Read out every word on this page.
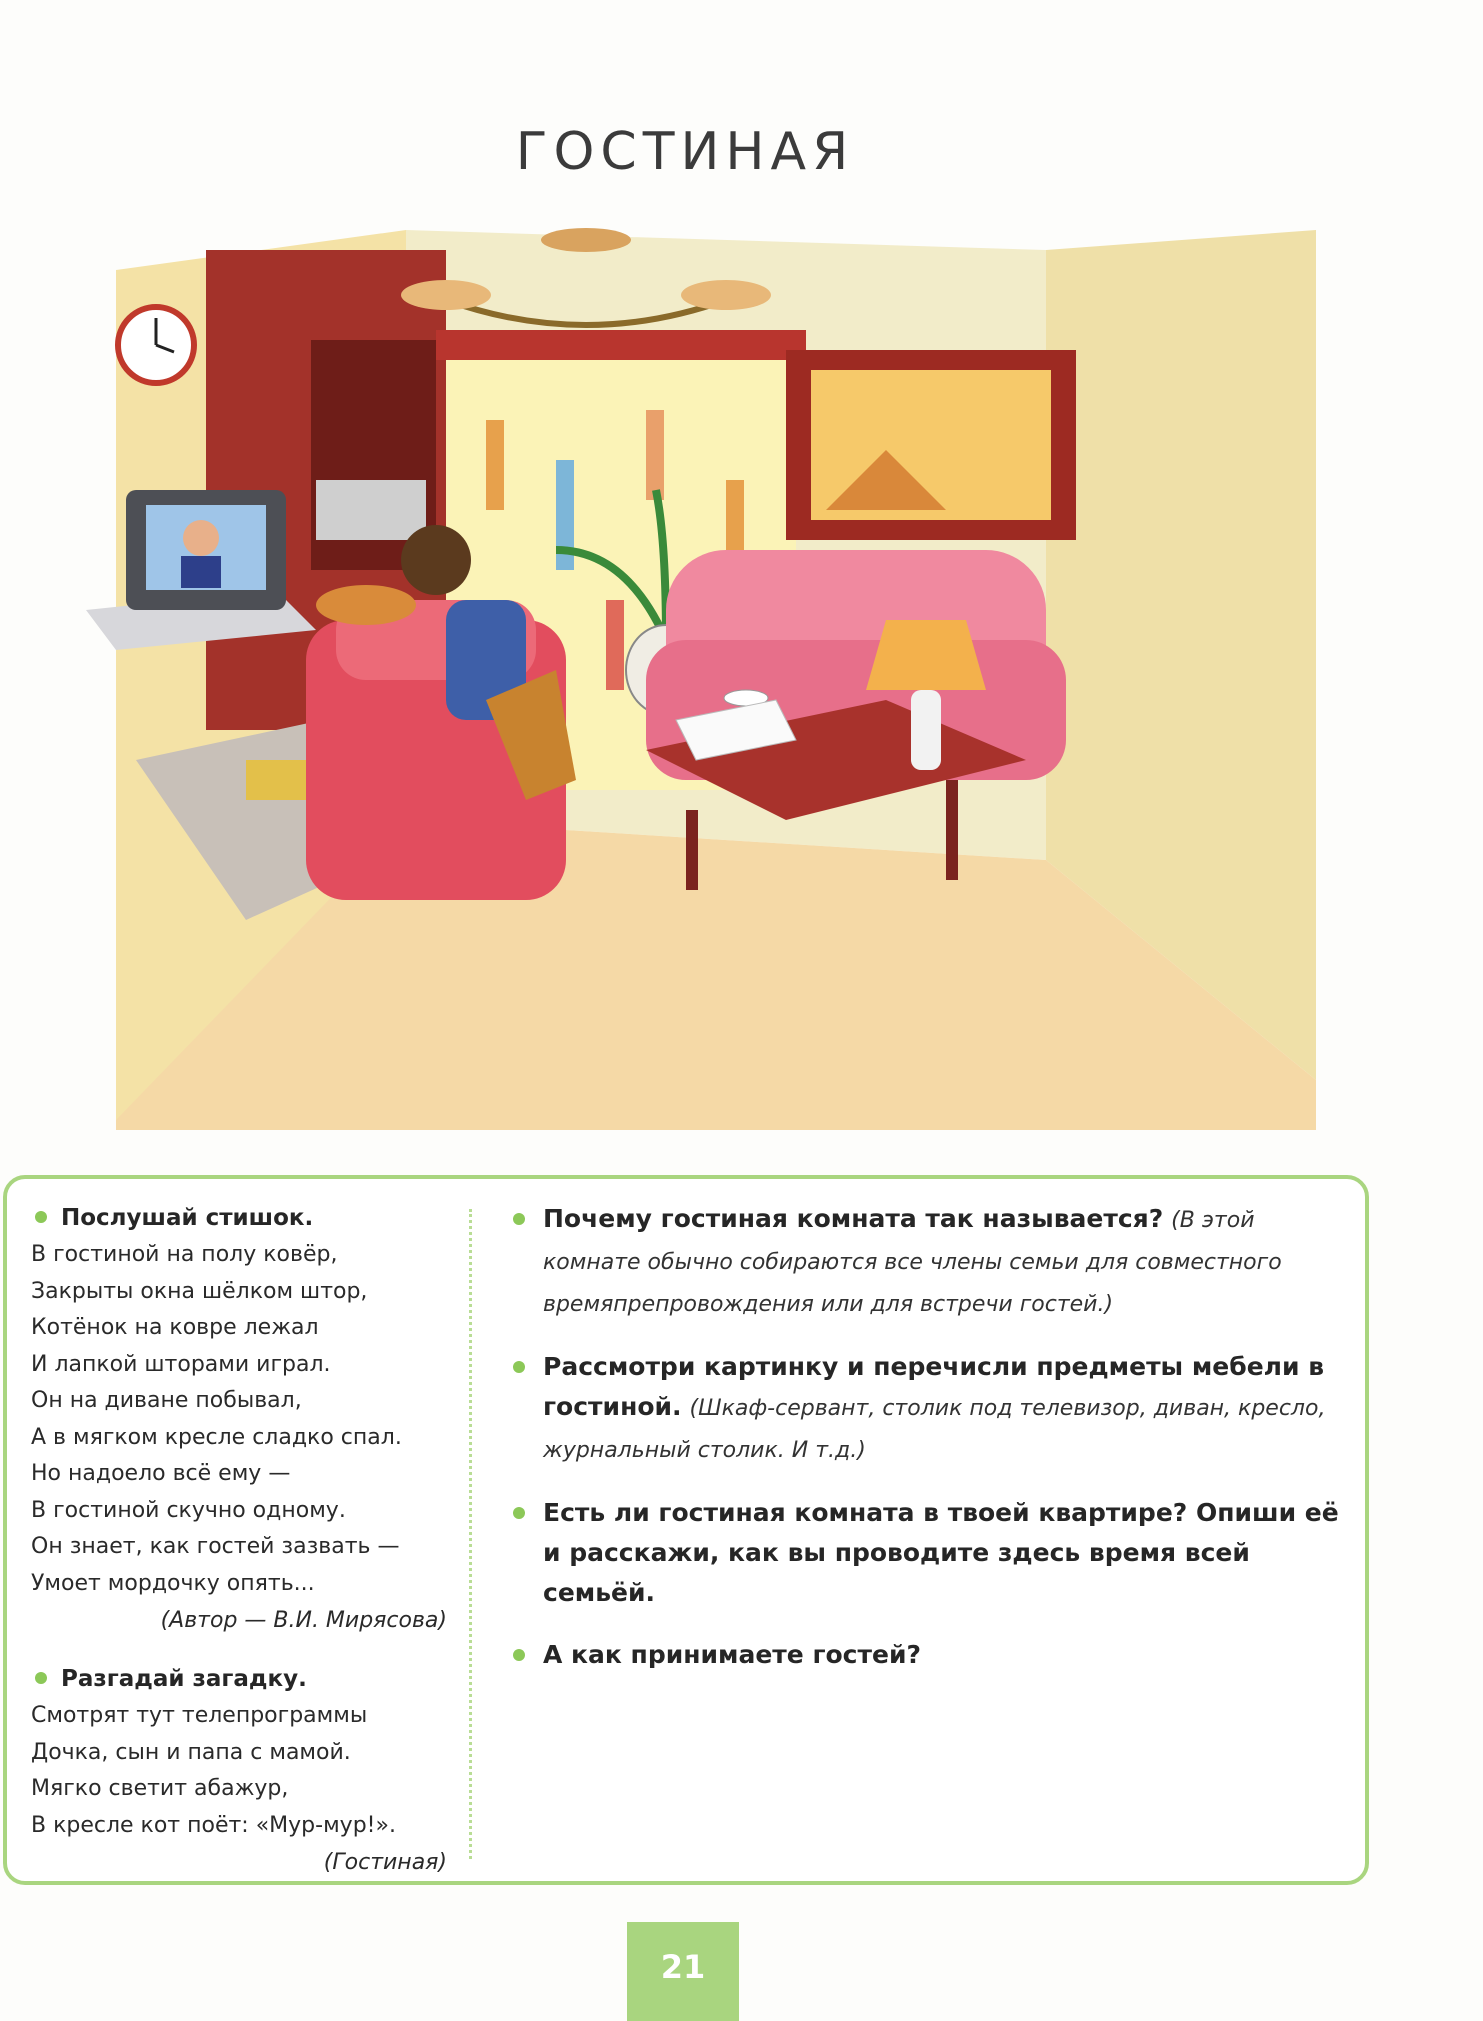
ГОСТИНАЯ
Послушай стишок.
В гостиной на полу ковёр,
Закрыты окна шёлком штор,
Котёнок на ковре лежал
И лапкой шторами играл.
Он на диване побывал,
А в мягком кресле сладко спал.
Но надоело всё ему —
В гостиной скучно одному.
Он знает, как гостей зазвать —
Умоет мордочку опять...
(Автор — В.И. Мирясова)
Разгадай загадку.
Смотрят тут телепрограммы
Дочка, сын и папа с мамой.
Мягко светит абажур,
В кресле кот поёт: «Мур-мур!».
(Гостиная)
Почему гостиная комната так называется? (В этой комнате обычно собираются все члены семьи для совместного времяпрепровождения или для встречи гостей.)
Рассмотри картинку и перечисли предметы мебели в гостиной. (Шкаф-сервант, столик под телевизор, диван, кресло, журнальный столик. И т.д.)
Есть ли гостиная комната в твоей квартире? Опиши её и расскажи, как вы проводите здесь время всей семьёй.
А как принимаете гостей?
21
